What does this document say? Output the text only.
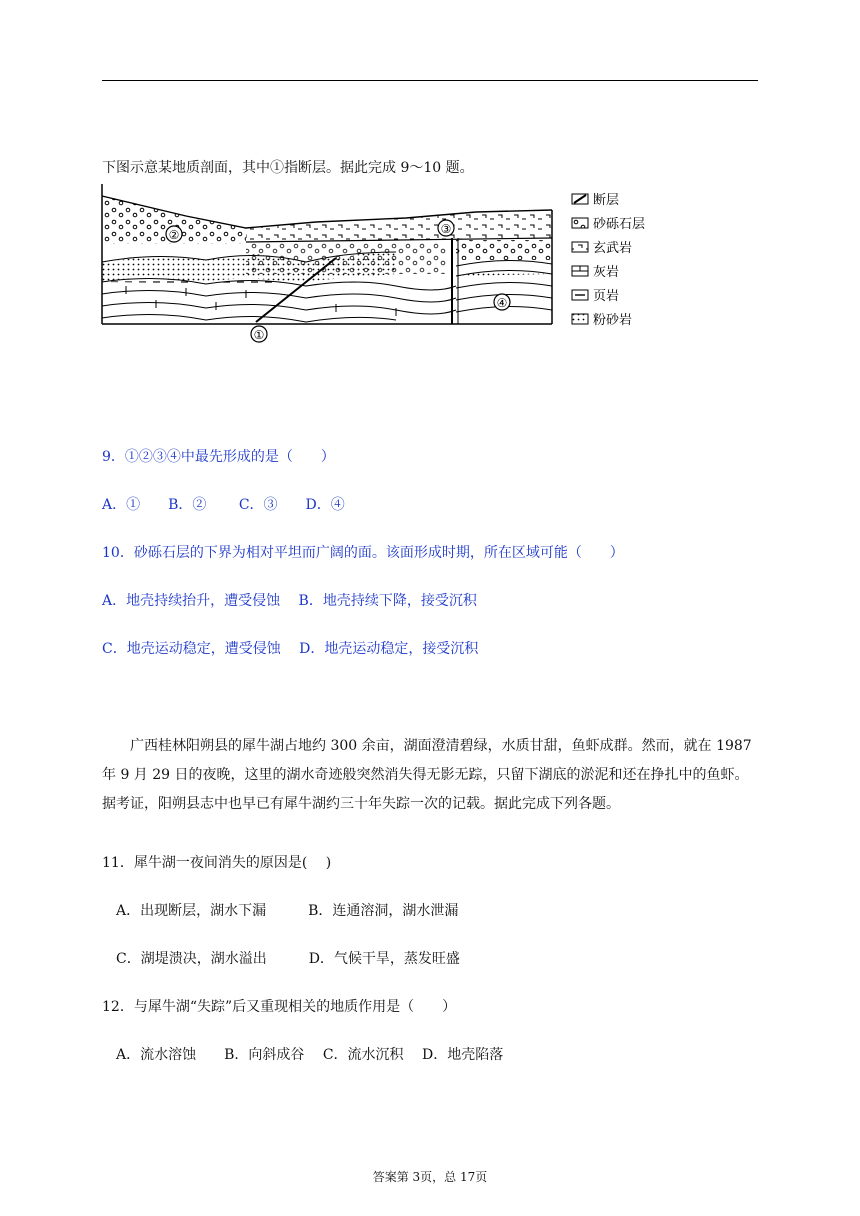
下图示意某地质剖面，其中①指断层。据此完成 9～10 题。
①
②	③
④
断层
砂砾石层
玄武岩
灰岩
页岩
粉砂岩
9．①②③④中最先形成的是（　　）
A．①　　B．②　　 C．③　　D．④
10．砂砾石层的下界为相对平坦而广阔的面。该面形成时期，所在区域可能（　　）
A．地壳持续抬升，遭受侵蚀　 B．地壳持续下降，接受沉积
C．地壳运动稳定，遭受侵蚀　 D．地壳运动稳定，接受沉积
广西桂林阳朔县的犀牛湖占地约 300 余亩，湖面澄清碧绿，水质甘甜，鱼虾成群。然而，就在 1987 年 9 月 29 日的夜晚，这里的湖水奇迹般突然消失得无影无踪，只留下湖底的淤泥和还在挣扎中的鱼虾。据考证，阳朔县志中也早已有犀牛湖约三十年失踪一次的记载。据此完成下列各题。
11．犀牛湖一夜间消失的原因是(　 )
A．出现断层，湖水下漏　　　B．连通溶洞，湖水泄漏
C．湖堤溃决，湖水溢出　　　D．气候干旱，蒸发旺盛
12．与犀牛湖“失踪”后又重现相关的地质作用是（　　）
A．流水溶蚀　　B．向斜成谷　 C．流水沉积　 D．地壳陷落
答案第 3页，总 17页
